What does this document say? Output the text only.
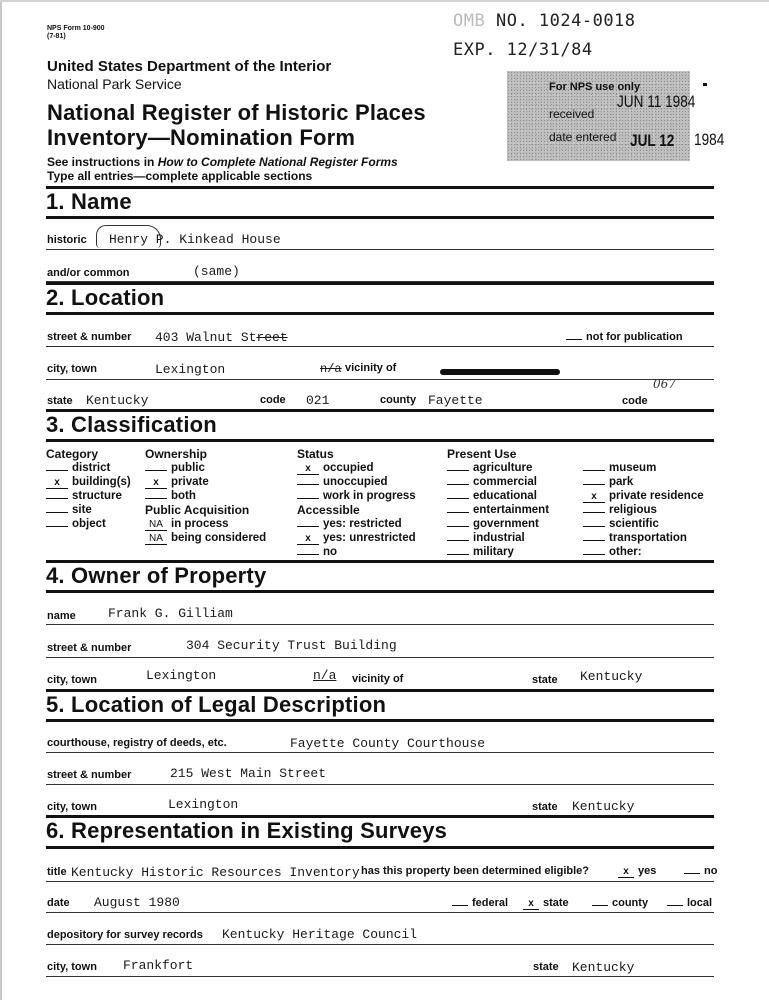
NPS Form 10-900
(7-81)
OMB NO. 1024-0018
EXP. 12/31/84
United States Department of the Interior
National Park Service
National Register of Historic Places
Inventory—Nomination Form
See instructions in How to Complete National Register Forms
Type all entries—complete applicable sections
For NPS use only
received
JUN 11 1984
date entered JUL 12 1984
1. Name
historic Henry P. Kinkead House
and/or common	(same)
2. Location
street & number 403 Walnut Street	not for publication
city, town	Lexington	n/a vicinity of
067
state Kentucky	code 021	county Fayette	code
3. Classification
Category
district
x building(s)
structure
site
object
Ownership
public
x private
both
Public Acquisition
NA in process
NA being considered
Status
x occupied
unoccupied
work in progress
Accessible
yes: restricted
x yes: unrestricted
no
Present Use
agriculture
commercial
educational
entertainment
government
industrial
military
museum
park
x private residence
religious
scientific
transportation
other:
4. Owner of Property
name Frank G. Gilliam
street & number	304 Security Trust Building
city, town	Lexington	n/a vicinity of	state Kentucky
5. Location of Legal Description
courthouse, registry of deeds, etc.	Fayette County Courthouse
street & number	215 West Main Street
city, town	Lexington	state Kentucky
6. Representation in Existing Surveys
title Kentucky Historic Resources Inventory has this property been determined eligible?	x yes	no
date August 1980	federal	x state	county	local
depository for survey records Kentucky Heritage Council
city, town Frankfort	state Kentucky
